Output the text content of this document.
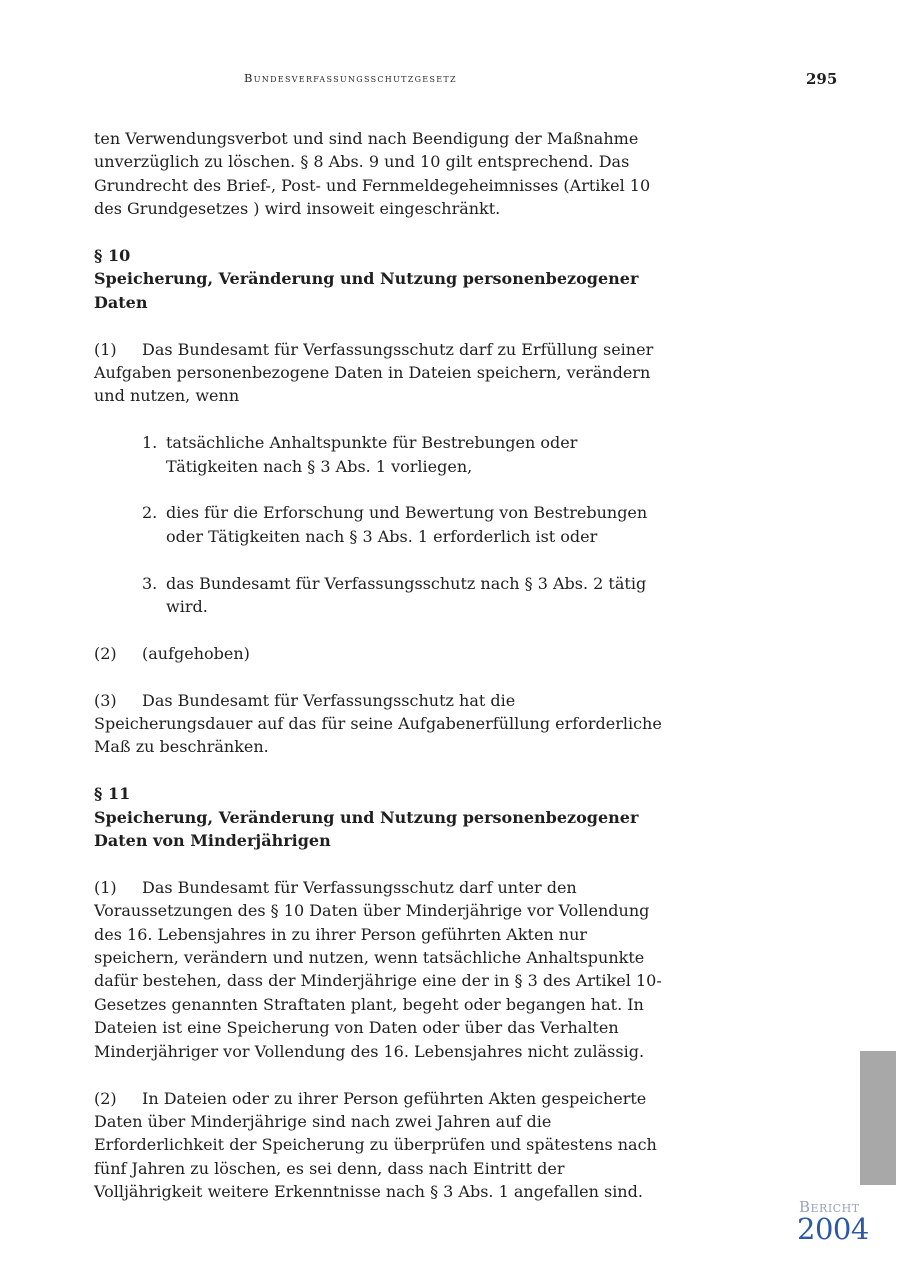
Bundesverfassungsschutzgesetz	295

ten Verwendungsverbot und sind nach Beendigung der Maßnahme unverzüglich zu löschen. § 8 Abs. 9 und 10 gilt entsprechend. Das Grundrecht des Brief-, Post- und Fernmeldegeheimnisses (Artikel 10 des Grundgesetzes ) wird insoweit eingeschränkt.

§ 10
Speicherung, Veränderung und Nutzung personenbezogener Daten

(1) Das Bundesamt für Verfassungsschutz darf zu Erfüllung seiner Aufgaben personenbezogene Daten in Dateien speichern, verändern und nutzen, wenn

1. tatsächliche Anhaltspunkte für Bestrebungen oder Tätigkeiten nach § 3 Abs. 1 vorliegen,
2. dies für die Erforschung und Bewertung von Bestrebungen oder Tätigkeiten nach § 3 Abs. 1 erforderlich ist oder
3. das Bundesamt für Verfassungsschutz nach § 3 Abs. 2 tätig wird.

(2) (aufgehoben)

(3) Das Bundesamt für Verfassungsschutz hat die Speicherungsdauer auf das für seine Aufgabenerfüllung erforderliche Maß zu beschränken.

§ 11
Speicherung, Veränderung und Nutzung personenbezogener Daten von Minderjährigen

(1) Das Bundesamt für Verfassungsschutz darf unter den Voraussetzungen des § 10 Daten über Minderjährige vor Vollendung des 16. Lebensjahres in zu ihrer Person geführten Akten nur speichern, verändern und nutzen, wenn tatsächliche Anhaltspunkte dafür bestehen, dass der Minderjährige eine der in § 3 des Artikel 10-Gesetzes genannten Straftaten plant, begeht oder begangen hat. In Dateien ist eine Speicherung von Daten oder über das Verhalten Minderjähriger vor Vollendung des 16. Lebensjahres nicht zulässig.

(2) In Dateien oder zu ihrer Person geführten Akten gespeicherte Daten über Minderjährige sind nach zwei Jahren auf die Erforderlichkeit der Speicherung zu überprüfen und spätestens nach fünf Jahren zu löschen, es sei denn, dass nach Eintritt der Volljährigkeit weitere Erkenntnisse nach § 3 Abs. 1 angefallen sind.

Bericht
2004
